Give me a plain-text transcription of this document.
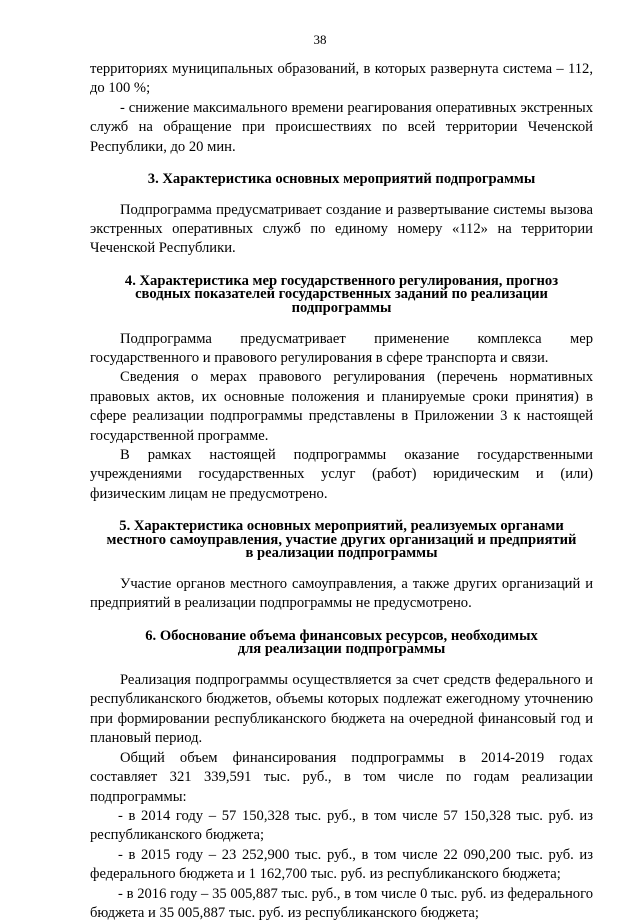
38

территориях муниципальных образований, в которых развернута система – 112, до 100 %;

- снижение максимального времени реагирования оперативных экстренных служб на обращение при происшествиях по всей территории Чеченской Республики, до 20 мин.

3. Характеристика основных мероприятий подпрограммы

Подпрограмма предусматривает создание и развертывание системы вызова экстренных оперативных служб по единому номеру «112» на территории Чеченской Республики.

4. Характеристика мер государственного регулирования, прогноз
сводных показателей государственных заданий по реализации
подпрограммы

Подпрограмма предусматривает применение комплекса мер государственного и правового регулирования в сфере транспорта и связи.

Сведения о мерах правового регулирования (перечень нормативных правовых актов, их основные положения и планируемые сроки принятия) в сфере реализации подпрограммы представлены в Приложении 3 к настоящей государственной программе.

В рамках настоящей подпрограммы оказание государственными учреждениями государственных услуг (работ) юридическим и (или) физическим лицам не предусмотрено.

5. Характеристика основных мероприятий, реализуемых органами
местного самоуправления, участие других организаций и предприятий
в реализации подпрограммы

Участие органов местного самоуправления, а также других организаций и предприятий в реализации подпрограммы не предусмотрено.

6. Обоснование объема финансовых ресурсов, необходимых
для реализации подпрограммы

Реализация подпрограммы осуществляется за счет средств федерального и республиканского бюджетов, объемы которых подлежат ежегодному уточнению при формировании республиканского бюджета на очередной финансовый год и плановый период.

Общий объем финансирования подпрограммы в 2014-2019 годах составляет 321 339,591 тыс. руб., в том числе по годам реализации подпрограммы:

- в 2014 году – 57 150,328 тыс. руб., в том числе 57 150,328 тыс. руб. из республиканского бюджета;

- в 2015 году – 23 252,900 тыс. руб., в том числе 22 090,200 тыс. руб. из федерального бюджета и 1 162,700 тыс. руб. из республиканского бюджета;

- в 2016 году – 35 005,887 тыс. руб., в том числе 0 тыс. руб. из федерального бюджета и 35 005,887 тыс. руб. из республиканского бюджета;
